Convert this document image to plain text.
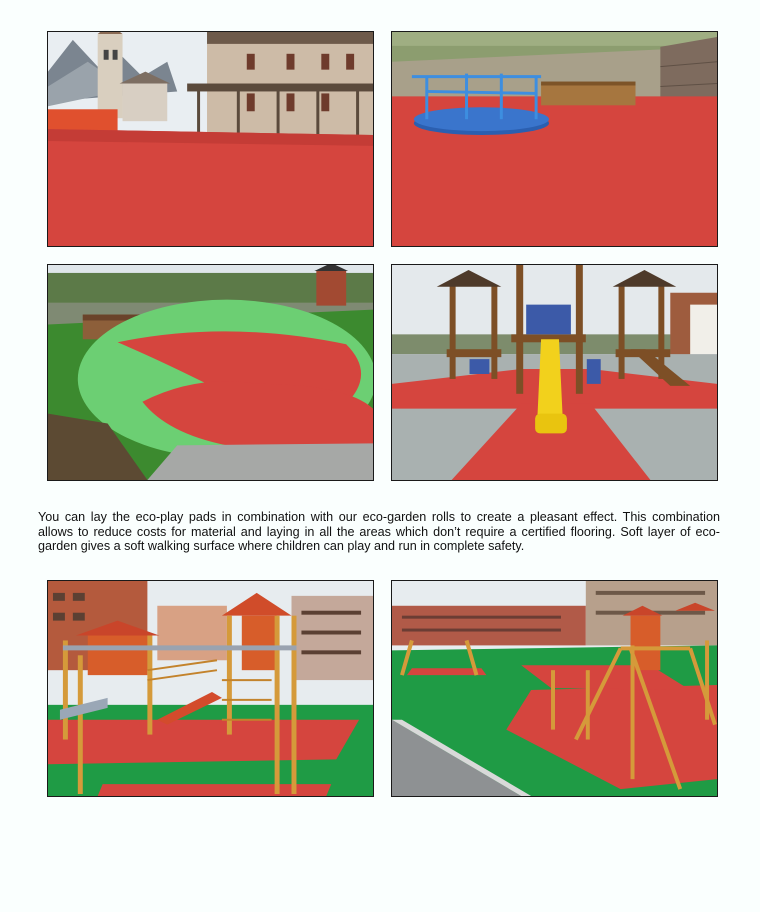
You can lay the eco-play pads in combination with our eco-garden rolls to create a pleasant effect. This combination allows to reduce costs for material and laying in all the areas which don’t require a certified flooring. Soft layer of eco-garden gives a soft walking surface where children can play and run in complete safety.
